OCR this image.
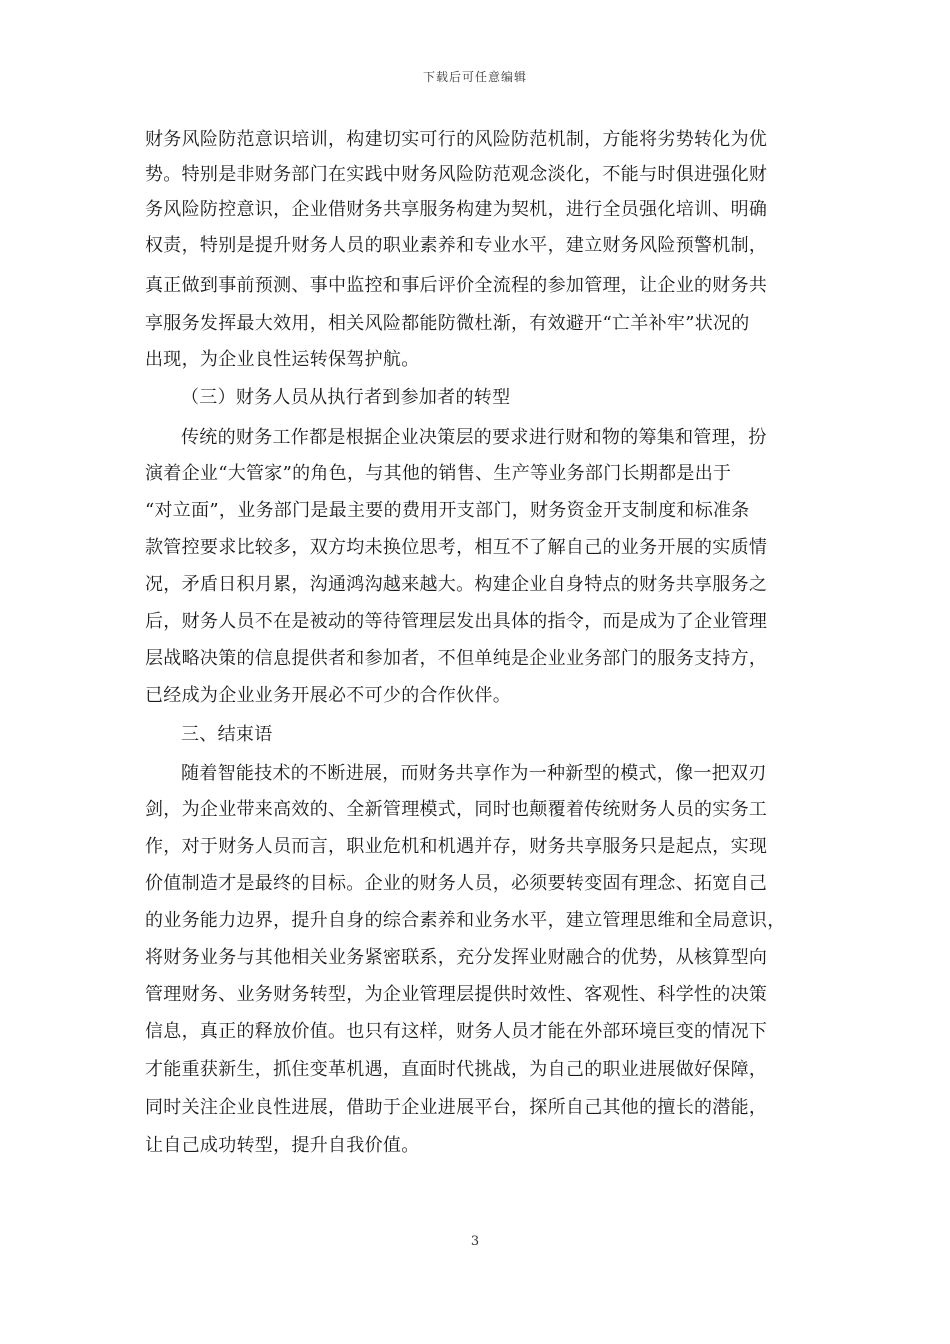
下载后可任意编辑
财务风险防范意识培训，构建切实可行的风险防范机制，方能将劣势转化为优
势。特别是非财务部门在实践中财务风险防范观念淡化，不能与时俱进强化财
务风险防控意识，企业借财务共享服务构建为契机，进行全员强化培训、明确
权责，特别是提升财务人员的职业素养和专业水平，建立财务风险预警机制，
真正做到事前预测、事中监控和事后评价全流程的参加管理，让企业的财务共
享服务发挥最大效用，相关风险都能防微杜渐，有效避开“亡羊补牢”状况的
出现，为企业良性运转保驾护航。
（三）财务人员从执行者到参加者的转型
传统的财务工作都是根据企业决策层的要求进行财和物的筹集和管理，扮
演着企业“大管家”的角色，与其他的销售、生产等业务部门长期都是出于
“对立面”，业务部门是最主要的费用开支部门，财务资金开支制度和标准条
款管控要求比较多，双方均未换位思考，相互不了解自己的业务开展的实质情
况，矛盾日积月累，沟通鸿沟越来越大。构建企业自身特点的财务共享服务之
后，财务人员不在是被动的等待管理层发出具体的指令，而是成为了企业管理
层战略决策的信息提供者和参加者，不但单纯是企业业务部门的服务支持方，
已经成为企业业务开展必不可少的合作伙伴。
三、结束语
随着智能技术的不断进展，而财务共享作为一种新型的模式，像一把双刃
剑，为企业带来高效的、全新管理模式，同时也颠覆着传统财务人员的实务工
作，对于财务人员而言，职业危机和机遇并存，财务共享服务只是起点，实现
价值制造才是最终的目标。企业的财务人员，必须要转变固有理念、拓宽自己
的业务能力边界，提升自身的综合素养和业务水平，建立管理思维和全局意识，
将财务业务与其他相关业务紧密联系，充分发挥业财融合的优势，从核算型向
管理财务、业务财务转型，为企业管理层提供时效性、客观性、科学性的决策
信息，真正的释放价值。也只有这样，财务人员才能在外部环境巨变的情况下
才能重获新生，抓住变革机遇，直面时代挑战，为自己的职业进展做好保障，
同时关注企业良性进展，借助于企业进展平台，探所自己其他的擅长的潜能，
让自己成功转型，提升自我价值。
3
